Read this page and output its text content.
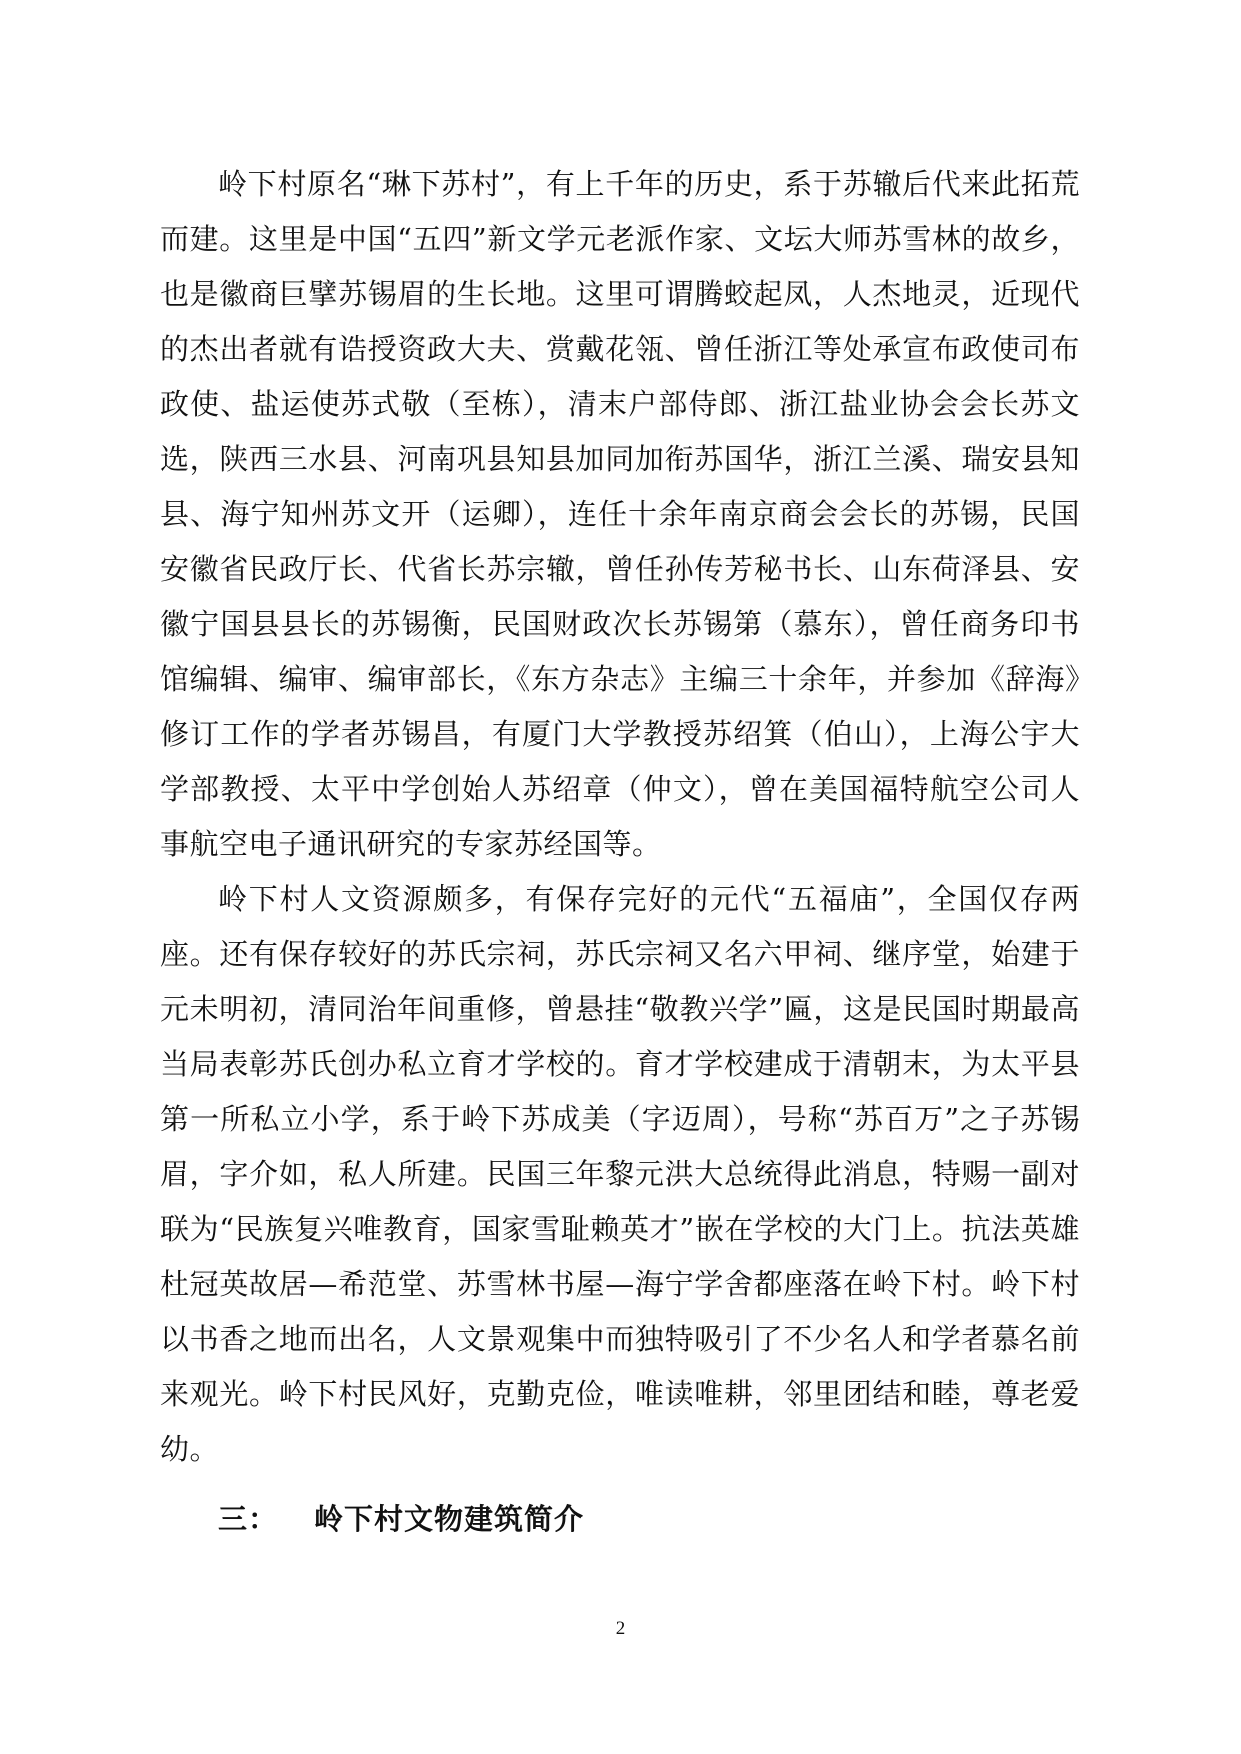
岭下村原名“琳下苏村”，有上千年的历史，系于苏辙后代来此拓荒而建。这里是中国“五四”新文学元老派作家、文坛大师苏雪林的故乡，也是徽商巨擘苏锡眉的生长地。这里可谓腾蛟起凤，人杰地灵，近现代的杰出者就有诰授资政大夫、赏戴花瓴、曾任浙江等处承宣布政使司布政使、盐运使苏式敬（至栋），清末户部侍郎、浙江盐业协会会长苏文选，陕西三水县、河南巩县知县加同加衔苏国华，浙江兰溪、瑞安县知县、海宁知州苏文开（运卿），连任十余年南京商会会长的苏锡，民国安徽省民政厅长、代省长苏宗辙，曾任孙传芳秘书长、山东荷泽县、安徽宁国县县长的苏锡衡，民国财政次长苏锡第（慕东），曾任商务印书馆编辑、编审、编审部长，《东方杂志》主编三十余年，并参加《辞海》修订工作的学者苏锡昌，有厦门大学教授苏绍箕（伯山），上海公宇大学部教授、太平中学创始人苏绍章（仲文），曾在美国福特航空公司人事航空电子通讯研究的专家苏经国等。

岭下村人文资源颇多，有保存完好的元代“五福庙”，全国仅存两座。还有保存较好的苏氏宗祠，苏氏宗祠又名六甲祠、继序堂，始建于元未明初，清同治年间重修，曾悬挂“敬教兴学”匾，这是民国时期最高当局表彰苏氏创办私立育才学校的。育才学校建成于清朝末，为太平县第一所私立小学，系于岭下苏成美（字迈周），号称“苏百万”之子苏锡眉，字介如，私人所建。民国三年黎元洪大总统得此消息，特赐一副对联为“民族复兴唯教育，国家雪耻赖英才”嵌在学校的大门上。抗法英雄杜冠英故居—希范堂、苏雪林书屋—海宁学舍都座落在岭下村。岭下村以书香之地而出名，人文景观集中而独特吸引了不少名人和学者慕名前来观光。岭下村民风好，克勤克俭，唯读唯耕，邻里团结和睦，尊老爱幼。

三： 岭下村文物建筑简介
2
